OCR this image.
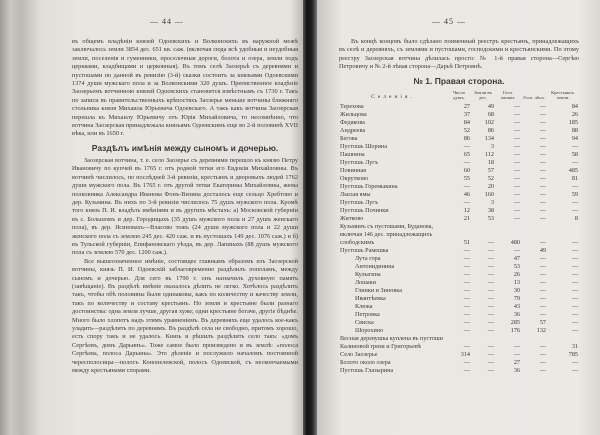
— 44 —

въ общемъ владѣніи князей Одоевскихъ и Волконскихъ въ наружной межѣ заключалось земли 3854 дес. 651 кв. саж. (включая сюда всѣ удобныя и неудобныя земли, поселенія и гуменники, проселочныя дороги, болота и озера, земли подъ церквами, кладбищами и церковныя). Въ томъ селѣ Заозерьѣ съ деревнями и пустошами по данной въ ревизію (3-й) сказки состоитъ за князьями Одоевскими 1374 души мужскаго пола и за Волконскими 320 душъ. Преемственное владѣніе Заозерьемъ вотчинною князей Одоевскихъ становится извѣстнымъ съ 1730 г. Такъ по записи въ правительственныхъ крѣпостяхъ Заозерье меньше вотчины ближняго стольника князя Михаила Юрьевича Одоевскаго. А такъ какъ вотчина Заозерская перешла къ Михаилу Юрьевичу отъ Юрія Михайловича, то несомнѣнно, что вотчина Заозерская принадлежала князьямъ Одоевскимъ еще во 2-й половинѣ XVII вѣка, или въ 1650 г.

Раздѣлъ имѣнія между сыномъ и дочерью.

Заозерская вотчина, т. е. село Заозерье съ деревнями перешло къ князю Петру Ивановичу по купчей въ 1765 г. отъ родной тетки его Евдокіи Михайловны. Въ вотчинѣ числилось, по послѣдней 3-й ревизіи, крестьянъ и дворовыхъ людей 1762 души мужского пола. Въ 1765 г. отъ другой тетки Екатерины Михайловны, жены полковника Александра Иванова Фонъ-Визина досталось еще сельцо Хребтово и дер. Кузьмина. Въ нихъ по 3-й ревизіи числилось 75 душъ мужского пола. Кромѣ того князь П. И. владѣлъ имѣніями и въ другихъ мѣстахъ: а) Московской губерніи въ с. Большомъ и дер. Городищахъ (35 душъ мужского пола и 27 душъ женскаго пола), въ дер. Ясиновахъ—Власово тожъ (24 души мужского пола и 22 души женского пола съ землею 245 дес. 420 саж. и въ пустошахъ 149 дес. 1076 саж.) и б) въ Тульской губерніи, Епифановскаго уѣзда, въ дер. Лапинахъ (88 душъ мужского пола съ землею 570 дес. 1200 саж.).

Все вышеозначенное имѣніе, состоящее главнымъ образомъ изъ Заозерской вотчины, князь П. И. Одоевскій заблаговременно раздѣлилъ пополамъ, между сыномъ и дочерью. Для сего въ 1790 г. онъ назначилъ духовную память (завѣщаніе). Въ раздѣлѣ имѣніе оказалось дѣлить не легко. Хотѣлось раздѣлить такъ, чтобы обѣ половины были одинаковы, какъ по количеству и качеству земли, такъ по количеству и составу крестьянъ. Но земля и крестьяне были разнаго достоинства: одна земля лучше, другая хуже; одни крестьяне богаче, другіе бѣднѣе. Много было хлопотъ надъ этимъ уравненіемъ. Въ деревняхъ еще удалось кое-какъ уладить—раздѣлить по деревнямъ. Въ раздѣлѣ села не свободно, притомъ хорошо, есть спору такъ и не удалось. Князь и рѣшилъ раздѣлить село такъ: «домъ Сергѣевъ, домъ Дарьинъ». Тоже самое было произведено и въ землѣ: «полоса Сергѣева, полоса Дарьина». Это дѣленіе и послужило началомъ постоянной чересполосицы—полосъ Конопелевской, полосъ Одоевской, съ нескончаемыми между крестьянами спорами.

— 45 —

Въ концѣ концовъ было сдѣлано поименный реестръ крестьянъ, принадлежащихъ въ селѣ и деревняхъ, съ землями и пустошами, господскими и крестьянскими. По этому реестру Заозерская вотчина дѣлилась просто: № 1-й правая сторона—Сергѣю Петровичу и № 2-й лѣвая сторона—Дарьѣ Петровнѣ.

№ 1. Правая сторона.
Селенія.	Число душъ.	Земли въ дес.	Госп. пашни.	Госп. лѣса.	Крестьянск. земли.
Терехова	27	49	—	—	84
Жильцова	37	68	—	—	26
Федякова	84	102	—	—	185
Андреева	52	86	—	—	88
Бегова	86	134	—	—	94
Пустошь Шорина	—	3	—	—	—
Пашнина	65	112	—	—	58
Пустошь Лугъ	—	18	—	—	—
Повинная	60	57	—	—	485
Окрутково	55	52	—	—	81
Пустошь Горемыкина	—	20	—	—	—
Лысыя ямы	46	160	—	—	59
Пустошь Лугъ	—	3	—	—	—
Пустошь Починки	12	38	—	—	—
Житково	21	53	—	—	8
Кузьминъ съ пустошами, Буданова, включая 146 дес. принадлежащихъ слободскимъ	51	—	480	—	—
Пустошь Рамешка	—	—	—	49	—
Лута гора	—	—	47	—	—
Антонидинина	—	—	53	—	—
Кулыгина	—	—	26	—	—
Лошаки	—	—	13	—	—
Глинки и Зиновка	—	—	30	—	—
Ивантѣевка	—	—	79	—	—
Клюка	—	—	43	—	—
Петровка	—	—	36	—	—
Свиска	—	—	285	57	—
Шорохино	—	—	176	132	—
Весная деревушка куплена въ пустоши Калиновой грязи и Григорьевѣ	—	—	—	—	31
Село Заозерье	314	—	—	—	785
Болото около озера	—	—	27	—	—
Пустошь Глазырина	—	—	36	—	—
